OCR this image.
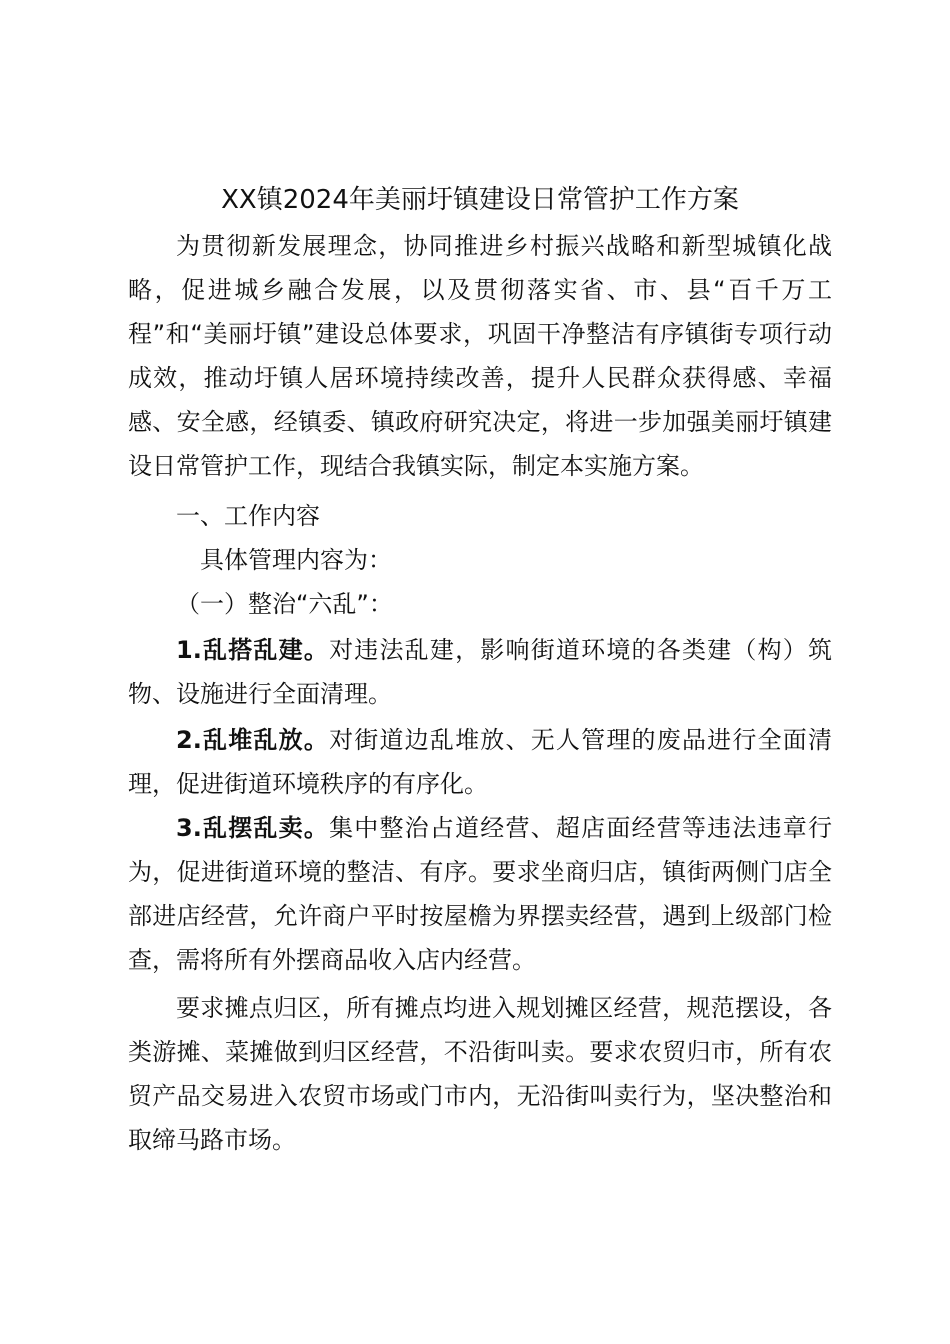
XX镇2024年美丽圩镇建设日常管护工作方案

为贯彻新发展理念，协同推进乡村振兴战略和新型城镇化战略，促进城乡融合发展，以及贯彻落实省、市、县“百千万工程”和“美丽圩镇”建设总体要求，巩固干净整洁有序镇街专项行动成效，推动圩镇人居环境持续改善，提升人民群众获得感、幸福感、安全感，经镇委、镇政府研究决定，将进一步加强美丽圩镇建设日常管护工作，现结合我镇实际，制定本实施方案。

一、工作内容

具体管理内容为：

（一）整治“六乱”：

1.乱搭乱建。对违法乱建，影响街道环境的各类建（构）筑物、设施进行全面清理。

2.乱堆乱放。对街道边乱堆放、无人管理的废品进行全面清理，促进街道环境秩序的有序化。

3.乱摆乱卖。集中整治占道经营、超店面经营等违法违章行为，促进街道环境的整洁、有序。要求坐商归店，镇街两侧门店全部进店经营，允许商户平时按屋檐为界摆卖经营，遇到上级部门检查，需将所有外摆商品收入店内经营。

要求摊点归区，所有摊点均进入规划摊区经营，规范摆设，各类游摊、菜摊做到归区经营，不沿街叫卖。要求农贸归市，所有农贸产品交易进入农贸市场或门市内，无沿街叫卖行为，坚决整治和取缔马路市场。
